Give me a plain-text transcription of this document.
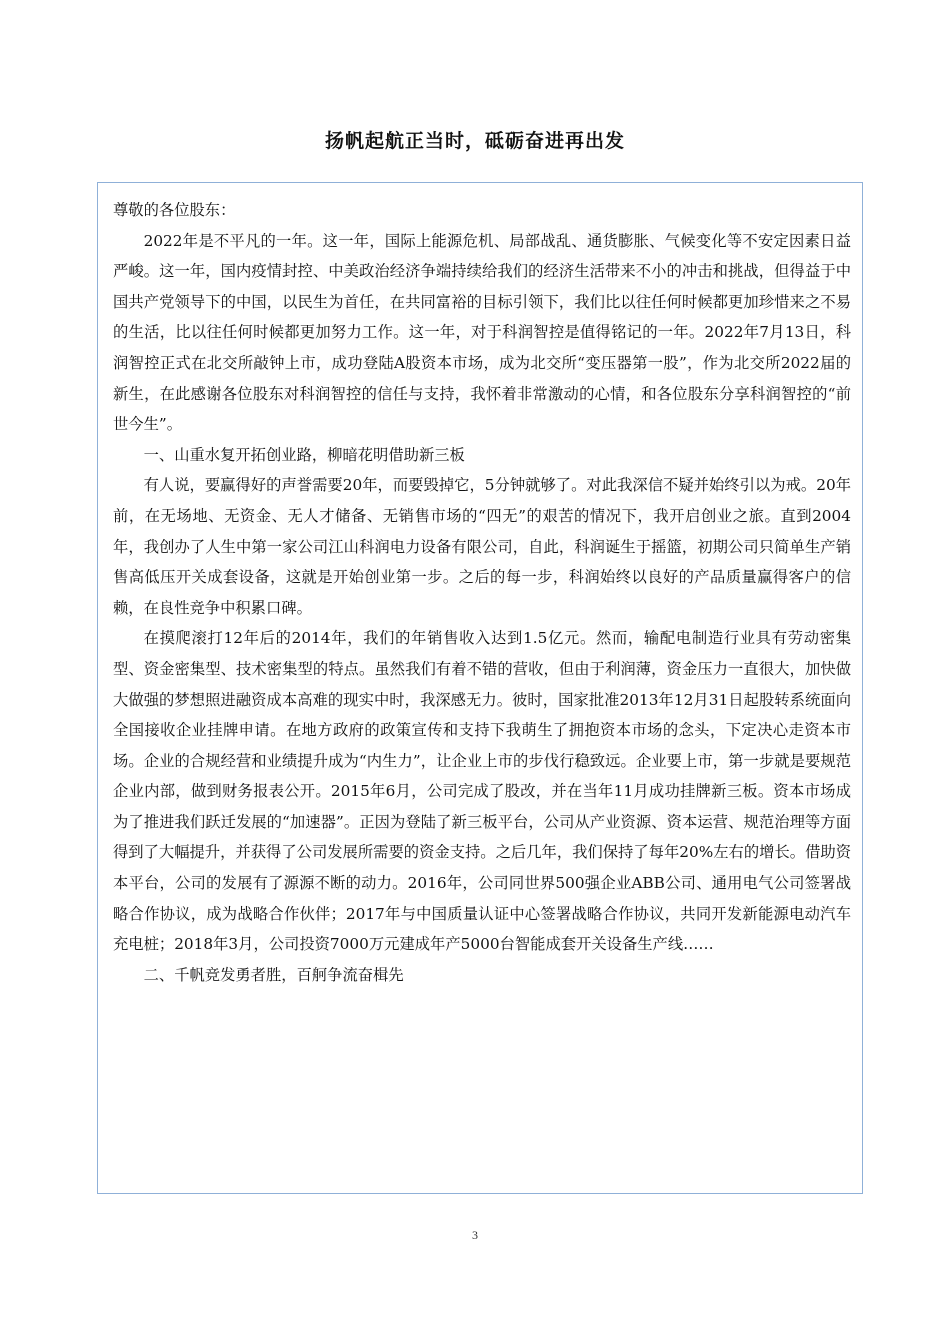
扬帆起航正当时，砥砺奋进再出发

尊敬的各位股东：

2022年是不平凡的一年。这一年，国际上能源危机、局部战乱、通货膨胀、气候变化等不安定因素日益严峻。这一年，国内疫情封控、中美政治经济争端持续给我们的经济生活带来不小的冲击和挑战，但得益于中国共产党领导下的中国，以民生为首任，在共同富裕的目标引领下，我们比以往任何时候都更加珍惜来之不易的生活，比以往任何时候都更加努力工作。这一年，对于科润智控是值得铭记的一年。2022年7月13日，科润智控正式在北交所敲钟上市，成功登陆A股资本市场，成为北交所“变压器第一股”，作为北交所2022届的新生，在此感谢各位股东对科润智控的信任与支持，我怀着非常激动的心情，和各位股东分享科润智控的“前世今生”。

一、山重水复开拓创业路，柳暗花明借助新三板

有人说，要赢得好的声誉需要20年，而要毁掉它，5分钟就够了。对此我深信不疑并始终引以为戒。20年前，在无场地、无资金、无人才储备、无销售市场的“四无”的艰苦的情况下，我开启创业之旅。直到2004年，我创办了人生中第一家公司江山科润电力设备有限公司，自此，科润诞生于摇篮，初期公司只简单生产销售高低压开关成套设备，这就是开始创业第一步。之后的每一步，科润始终以良好的产品质量赢得客户的信赖，在良性竞争中积累口碑。

在摸爬滚打12年后的2014年，我们的年销售收入达到1.5亿元。然而，输配电制造行业具有劳动密集型、资金密集型、技术密集型的特点。虽然我们有着不错的营收，但由于利润薄，资金压力一直很大，加快做大做强的梦想照进融资成本高难的现实中时，我深感无力。彼时，国家批准2013年12月31日起股转系统面向全国接收企业挂牌申请。在地方政府的政策宣传和支持下我萌生了拥抱资本市场的念头，下定决心走资本市场。企业的合规经营和业绩提升成为“内生力”，让企业上市的步伐行稳致远。企业要上市，第一步就是要规范企业内部，做到财务报表公开。2015年6月，公司完成了股改，并在当年11月成功挂牌新三板。资本市场成为了推进我们跃迁发展的“加速器”。正因为登陆了新三板平台，公司从产业资源、资本运营、规范治理等方面得到了大幅提升，并获得了公司发展所需要的资金支持。之后几年，我们保持了每年20%左右的增长。借助资本平台，公司的发展有了源源不断的动力。2016年，公司同世界500强企业ABB公司、通用电气公司签署战略合作协议，成为战略合作伙伴；2017年与中国质量认证中心签署战略合作协议，共同开发新能源电动汽车充电桩；2018年3月，公司投资7000万元建成年产5000台智能成套开关设备生产线……

二、千帆竞发勇者胜，百舸争流奋楫先

3
